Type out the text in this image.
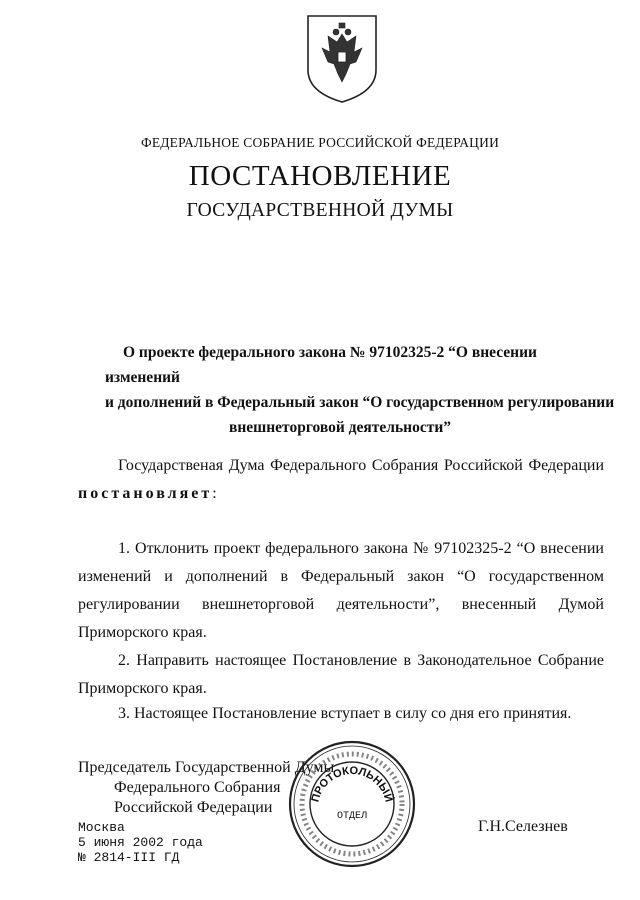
ФЕДЕРАЛЬНОЕ СОБРАНИЕ РОССИЙСКОЙ ФЕДЕРАЦИИ
ПОСТАНОВЛЕНИЕ
ГОСУДАРСТВЕННОЙ ДУМЫ
О проекте федерального закона № 97102325-2 “О внесении изменений
и дополнений в Федеральный закон “О государственном регулировании
внешнеторговой деятельности”
Государственая Дума Федерального Собрания Российской Федерации постановляет:
1. Отклонить проект федерального закона № 97102325-2 “О внесении изменений и дополнений в Федеральный закон “О государственном регулировании внешнеторговой деятельности”, внесенный Думой Приморского края.
2. Направить настоящее Постановление в Законодательное Собрание Приморского края.
3. Настоящее Постановление вступает в силу со дня его принятия.
Председатель Государственной Думы
Федерального Собрания
Российской Федерации
Г.Н.Селезнев
Москва
5 июня 2002 года
№ 2814-III ГД
ПРОТОКОЛЬНЫЙ
ОТДЕЛ
